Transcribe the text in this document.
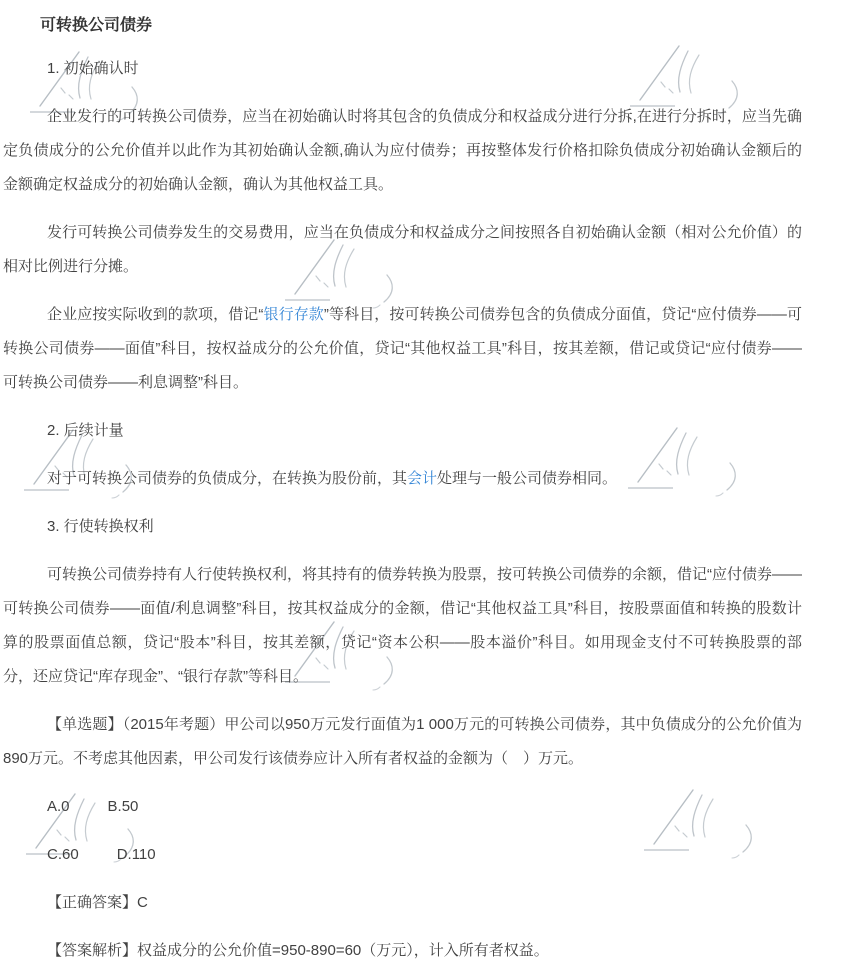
可转换公司债券

1. 初始确认时

企业发行的可转换公司债券，应当在初始确认时将其包含的负债成分和权益成分进行分拆,在进行分拆时，应当先确定负债成分的公允价值并以此作为其初始确认金额,确认为应付债券；再按整体发行价格扣除负债成分初始确认金额后的金额确定权益成分的初始确认金额，确认为其他权益工具。

发行可转换公司债券发生的交易费用，应当在负债成分和权益成分之间按照各自初始确认金额（相对公允价值）的相对比例进行分摊。

企业应按实际收到的款项，借记“银行存款”等科目，按可转换公司债券包含的负债成分面值，贷记“应付债券——可转换公司债券——面值”科目，按权益成分的公允价值，贷记“其他权益工具”科目，按其差额，借记或贷记“应付债券——可转换公司债券——利息调整”科目。

2. 后续计量

对于可转换公司债券的负债成分，在转换为股份前，其会计处理与一般公司债券相同。

3. 行使转换权利

可转换公司债券持有人行使转换权利，将其持有的债券转换为股票，按可转换公司债券的余额，借记“应付债券——可转换公司债券——面值/利息调整”科目，按其权益成分的金额，借记“其他权益工具”科目，按股票面值和转换的股数计算的股票面值总额，贷记“股本”科目，按其差额，贷记“资本公积——股本溢价”科目。如用现金支付不可转换股票的部分，还应贷记“库存现金”、“银行存款”等科目。

【单选题】（2015年考题）甲公司以950万元发行面值为1 000万元的可转换公司债券，其中负债成分的公允价值为890万元。不考虑其他因素，甲公司发行该债券应计入所有者权益的金额为（　）万元。

A.0	B.50

C.60	D.110

【正确答案】C

【答案解析】权益成分的公允价值=950-890=60（万元），计入所有者权益。
